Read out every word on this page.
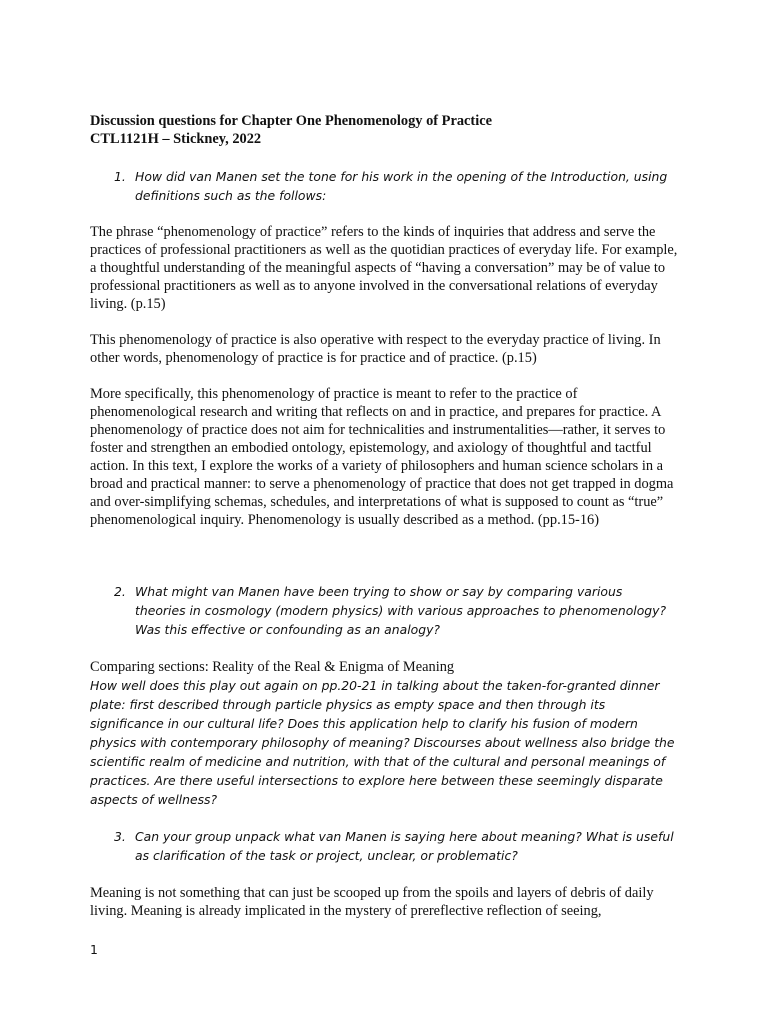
Discussion questions for Chapter One Phenomenology of Practice
CTL1121H – Stickney, 2022
1. How did van Manen set the tone for his work in the opening of the Introduction, using definitions such as the follows:
The phrase “phenomenology of practice” refers to the kinds of inquiries that address and serve the practices of professional practitioners as well as the quotidian practices of everyday life. For example, a thoughtful understanding of the meaningful aspects of “having a conversation” may be of value to professional practitioners as well as to anyone involved in the conversational relations of everyday living. (p.15)
This phenomenology of practice is also operative with respect to the everyday practice of living. In other words, phenomenology of practice is for practice and of practice. (p.15)
More specifically, this phenomenology of practice is meant to refer to the practice of phenomenological research and writing that reflects on and in practice, and prepares for practice. A phenomenology of practice does not aim for technicalities and instrumentalities—rather, it serves to foster and strengthen an embodied ontology, epistemology, and axiology of thoughtful and tactful action. In this text, I explore the works of a variety of philosophers and human science scholars in a broad and practical manner: to serve a phenomenology of practice that does not get trapped in dogma and over-simplifying schemas, schedules, and interpretations of what is supposed to count as “true” phenomenological inquiry. Phenomenology is usually described as a method. (pp.15-16)
2. What might van Manen have been trying to show or say by comparing various theories in cosmology (modern physics) with various approaches to phenomenology? Was this effective or confounding as an analogy?
Comparing sections: Reality of the Real & Enigma of Meaning
How well does this play out again on pp.20-21 in talking about the taken-for-granted dinner plate: first described through particle physics as empty space and then through its significance in our cultural life? Does this application help to clarify his fusion of modern physics with contemporary philosophy of meaning? Discourses about wellness also bridge the scientific realm of medicine and nutrition, with that of the cultural and personal meanings of practices. Are there useful intersections to explore here between these seemingly disparate aspects of wellness?
3. Can your group unpack what van Manen is saying here about meaning? What is useful as clarification of the task or project, unclear, or problematic?
Meaning is not something that can just be scooped up from the spoils and layers of debris of daily living. Meaning is already implicated in the mystery of prereflective reflection of seeing,
1
